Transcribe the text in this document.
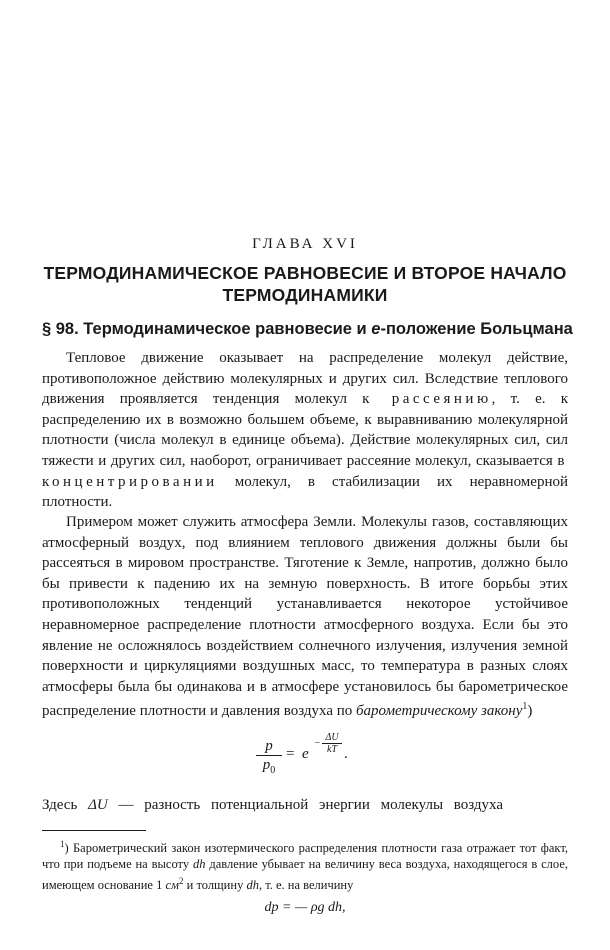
ГЛАВА XVI
ТЕРМОДИНАМИЧЕСКОЕ РАВНОВЕСИЕ И ВТОРОЕ НАЧАЛО
ТЕРМОДИНАМИКИ
§ 98. Термодинамическое равновесие и e-положение Больцмана

Тепловое движение оказывает на распределение молекул действие, противоположное действию молекулярных и других сил. Вследствие теплового движения проявляется тенденция молекул к рассеянию, т. е. к распределению их в возможно большем объеме, к выравниванию молекулярной плотности (числа молекул в единице объема). Действие молекулярных сил, сил тяжести и других сил, наоборот, ограничивает рассеяние молекул, сказывается в концентрировании молекул, в стабилизации их неравномерной плотности.

Примером может служить атмосфера Земли. Молекулы газов, составляющих атмосферный воздух, под влиянием теплового движения должны были бы рассеяться в мировом пространстве. Тяготение к Земле, напротив, должно было бы привести к падению их на земную поверхность. В итоге борьбы этих противоположных тенденций устанавливается некоторое устойчивое неравномерное распределение плотности атмосферного воздуха. Если бы это явление не осложнялось воздействием солнечного излучения, излучения земной поверхности и циркуляциями воздушных масс, то температура в разных слоях атмосферы была бы одинакова и в атмосфере установилось бы барометрическое распределение плотности и давления воздуха по барометрическому закону$^1$)

p
$p_0$
= e
−
ΔU
kT .
Здесь ΔU — разность потенциальной энергии молекулы воздуха

$^1$) Барометрический закон изотермического распределения плотности газа отражает тот факт, что при подъеме на высоту dh давление убывает на величину веса воздуха, находящегося в слое, имеющем основание 1 $см^2$ и толщину dh, т. е. на величину

dp = — ρg dh,
